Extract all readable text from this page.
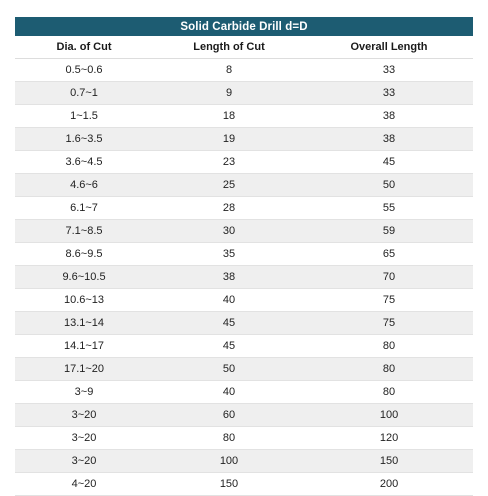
Solid Carbide Drill d=D		
Dia. of Cut	Length of Cut	Overall Length
0.5~0.6	8	33
0.7~1	9	33
1~1.5	18	38
1.6~3.5	19	38
3.6~4.5	23	45
4.6~6	25	50
6.1~7	28	55
7.1~8.5	30	59
8.6~9.5	35	65
9.6~10.5	38	70
10.6~13	40	75
13.1~14	45	75
14.1~17	45	80
17.1~20	50	80
3~9	40	80
3~20	60	100
3~20	80	120
3~20	100	150
4~20	150	200
